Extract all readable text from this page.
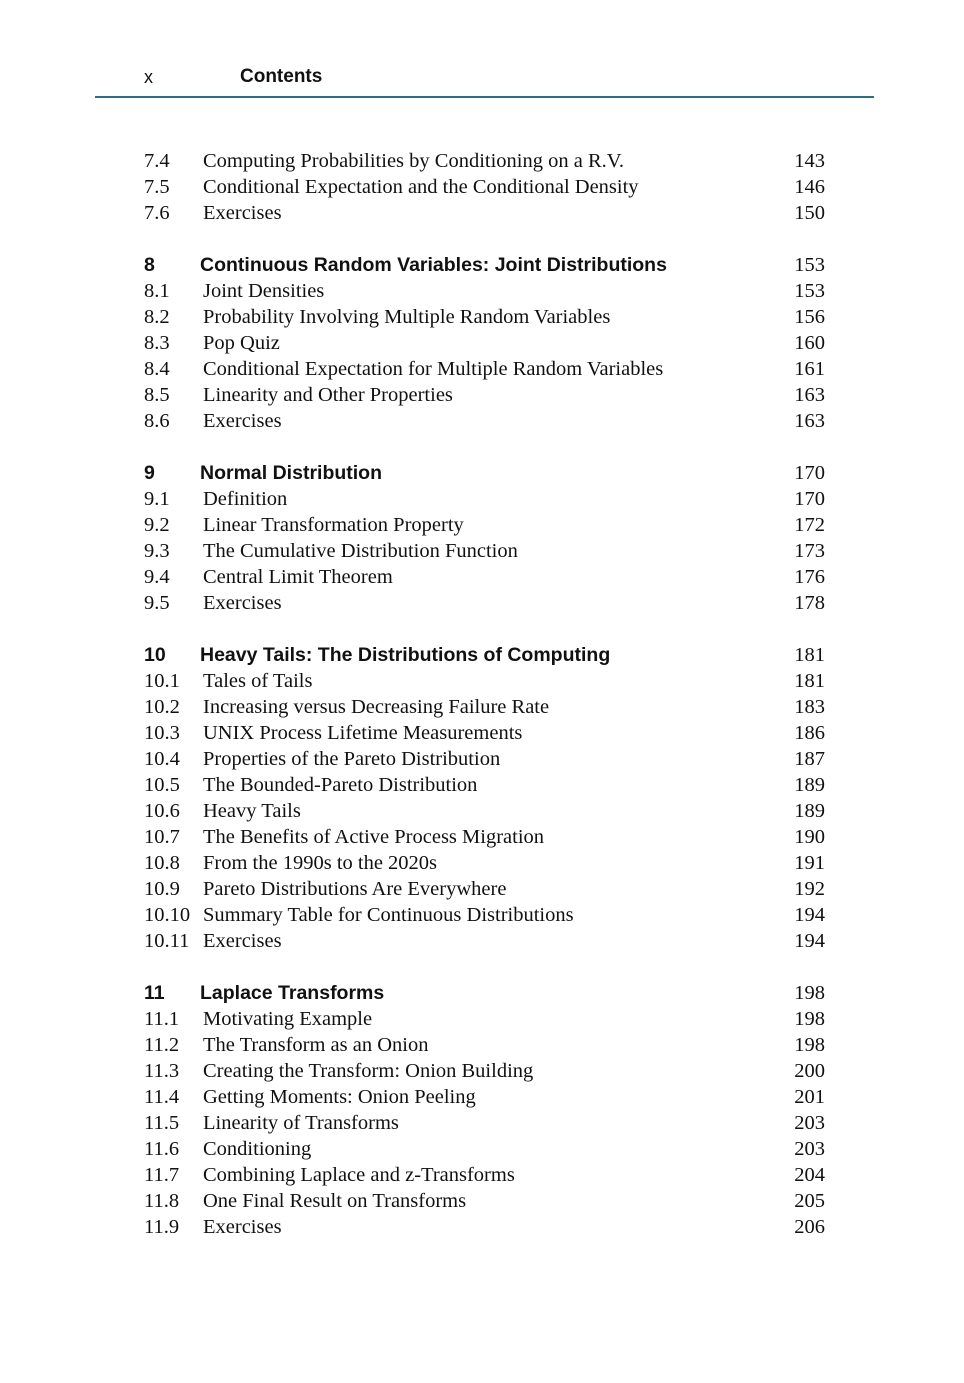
x	Contents
7.4 Computing Probabilities by Conditioning on a R.V.	143
7.5 Conditional Expectation and the Conditional Density	146
7.6 Exercises	150
8 Continuous Random Variables: Joint Distributions	153
8.1 Joint Densities	153
8.2 Probability Involving Multiple Random Variables	156
8.3 Pop Quiz	160
8.4 Conditional Expectation for Multiple Random Variables	161
8.5 Linearity and Other Properties	163
8.6 Exercises	163
9 Normal Distribution	170
9.1 Definition	170
9.2 Linear Transformation Property	172
9.3 The Cumulative Distribution Function	173
9.4 Central Limit Theorem	176
9.5 Exercises	178
10 Heavy Tails: The Distributions of Computing	181
10.1 Tales of Tails	181
10.2 Increasing versus Decreasing Failure Rate	183
10.3 UNIX Process Lifetime Measurements	186
10.4 Properties of the Pareto Distribution	187
10.5 The Bounded-Pareto Distribution	189
10.6 Heavy Tails	189
10.7 The Benefits of Active Process Migration	190
10.8 From the 1990s to the 2020s	191
10.9 Pareto Distributions Are Everywhere	192
10.10 Summary Table for Continuous Distributions	194
10.11 Exercises	194
11 Laplace Transforms	198
11.1 Motivating Example	198
11.2 The Transform as an Onion	198
11.3 Creating the Transform: Onion Building	200
11.4 Getting Moments: Onion Peeling	201
11.5 Linearity of Transforms	203
11.6 Conditioning	203
11.7 Combining Laplace and z-Transforms	204
11.8 One Final Result on Transforms	205
11.9 Exercises	206
